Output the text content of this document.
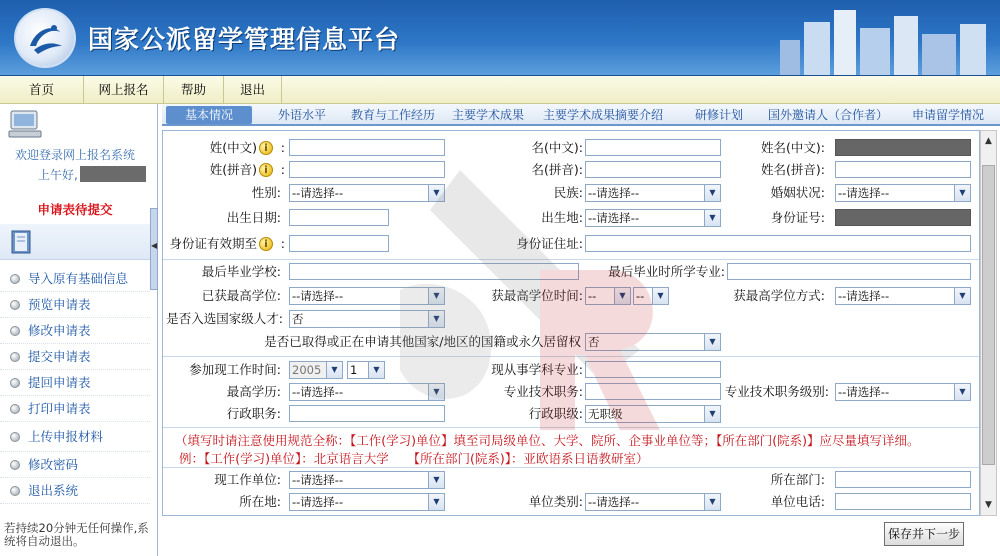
国家公派留学管理信息平台
首页	网上报名	帮助	退出
欢迎登录网上报名系统
上午好,
申请表待提交
导入原有基础信息
预览申请表
修改申请表
提交申请表
提回申请表
打印申请表
上传申报材料
修改密码
退出系统
若持续20分钟无任何操作,系统将自动退出。
◀
基本情况	外语水平	教育与工作经历	主要学术成果	主要学术成果摘要介绍	研修计划	国外邀请人（合作者）	申请留学情况
姓(中文) i	:	名(中文):	姓名(中文):
姓(拼音) i	:	名(拼音):	姓名(拼音):
性别: --请选择--	▼	民族: --请选择--	▼	婚姻状况: --请选择--	▼
出生日期:	出生地: --请选择--	▼	身份证号:
身份证有效期至 i	:	身份证住址:
最后毕业学校:	最后毕业时所学专业:
已获最高学位: --请选择--	▼	获最高学位时间: --	▼ --	▼	获最高学位方式: --请选择--	▼
是否入选国家级人才: 否	▼
是否已取得或正在申请其他国家/地区的国籍或永久居留权 否	▼
参加现工作时间: 2005	▼	1	▼	现从事学科专业:
最高学历: --请选择--	▼	专业技术职务:	专业技术职务级别: --请选择--	▼
行政职务:	行政职级: 无职级	▼
（填写时请注意使用规范全称：【工作(学习)单位】填至司局级单位、大学、院所、企事业单位等；【所在部门(院系)】应尽量填写详细。
例：【工作(学习)单位】：北京语言大学　　【所在部门(院系)】：亚欧语系日语教研室）
现工作单位: --请选择--	▼	所在部门:
所在地: --请选择--	▼	单位类别: --请选择--	▼	单位电话:
▲
▼
保存并下一步
